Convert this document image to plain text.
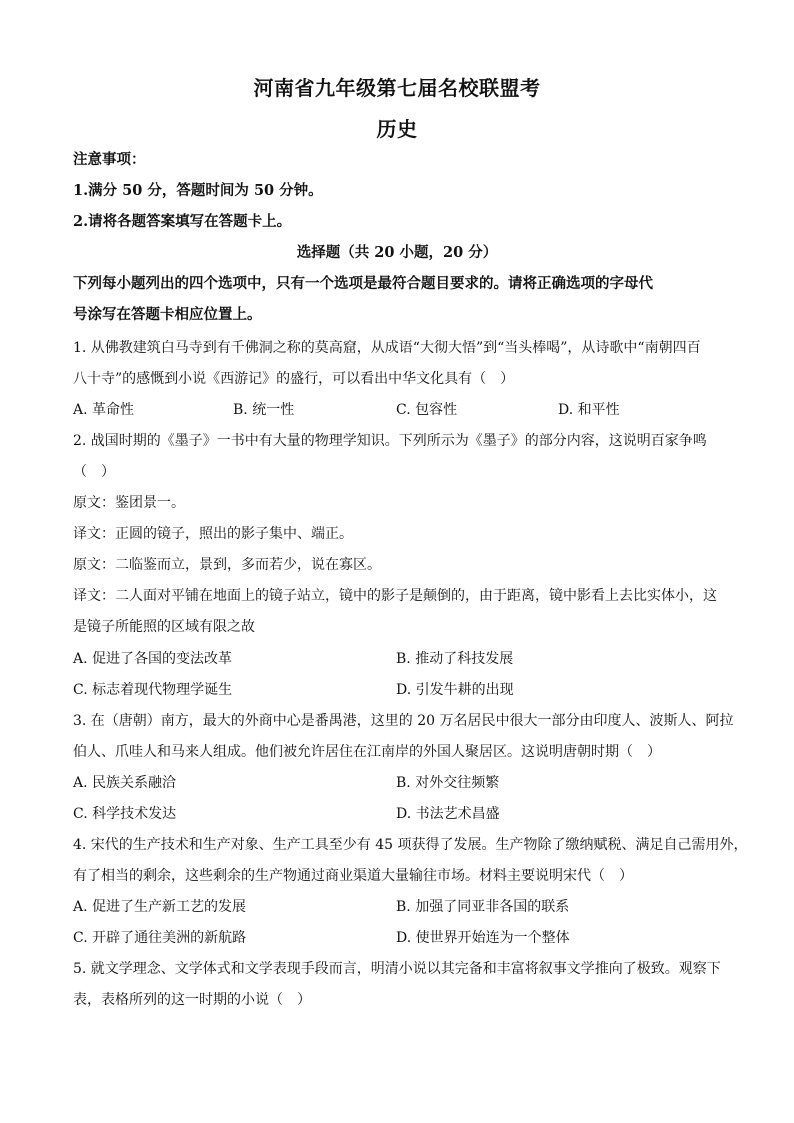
河南省九年级第七届名校联盟考
历史
注意事项：
1.满分 50 分，答题时间为 50 分钟。
2.请将各题答案填写在答题卡上。
选择题（共 20 小题，20 分）
下列每小题列出的四个选项中，只有一个选项是最符合题目要求的。请将正确选项的字母代
号涂写在答题卡相应位置上。
1. 从佛教建筑白马寺到有千佛洞之称的莫高窟，从成语“大彻大悟”到“当头棒喝”，从诗歌中“南朝四百
八十寺”的感慨到小说《西游记》的盛行，可以看出中华文化具有（　）
A. 革命性	B. 统一性	C. 包容性	D. 和平性
2. 战国时期的《墨子》一书中有大量的物理学知识。下列所示为《墨子》的部分内容，这说明百家争鸣
（　）
原文：鉴团景一。
译文：正圆的镜子，照出的影子集中、端正。
原文：二临鉴而立，景到，多而若少，说在寡区。
译文：二人面对平铺在地面上的镜子站立，镜中的影子是颠倒的，由于距离，镜中影看上去比实体小，这
是镜子所能照的区域有限之故
A. 促进了各国的变法改革	B. 推动了科技发展
C. 标志着现代物理学诞生	D. 引发牛耕的出现
3. 在（唐朝）南方，最大的外商中心是番禺港，这里的 20 万名居民中很大一部分由印度人、波斯人、阿拉
伯人、爪哇人和马来人组成。他们被允许居住在江南岸的外国人聚居区。这说明唐朝时期（　）
A. 民族关系融洽	B. 对外交往频繁
C. 科学技术发达	D. 书法艺术昌盛
4. 宋代的生产技术和生产对象、生产工具至少有 45 项获得了发展。生产物除了缴纳赋税、满足自己需用外，
有了相当的剩余，这些剩余的生产物通过商业渠道大量输往市场。材料主要说明宋代（　）
A. 促进了生产新工艺的发展	B. 加强了同亚非各国的联系
C. 开辟了通往美洲的新航路	D. 使世界开始连为一个整体
5. 就文学理念、文学体式和文学表现手段而言，明清小说以其完备和丰富将叙事文学推向了极致。观察下
表，表格所列的这一时期的小说（　）
